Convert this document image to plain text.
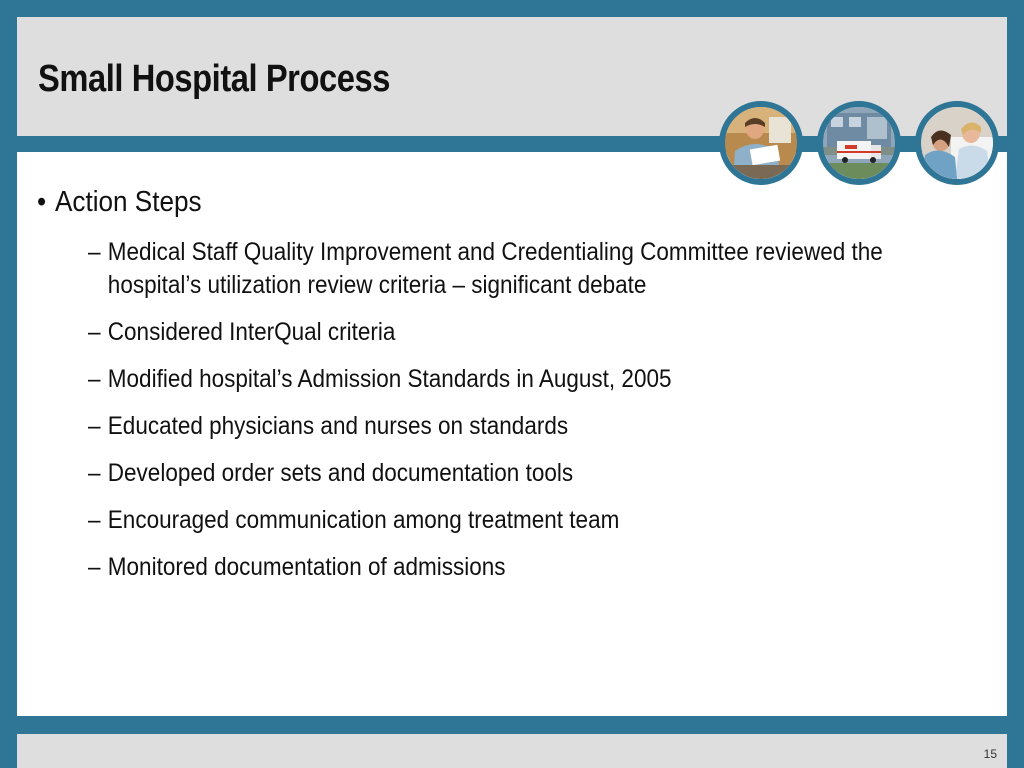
Small Hospital Process
• Action Steps
– Medical Staff Quality Improvement and Credentialing Committee reviewed the hospital’s utilization review criteria – significant debate
– Considered InterQual criteria
– Modified hospital’s Admission Standards in August, 2005
– Educated physicians and nurses on standards
– Developed order sets and documentation tools
– Encouraged communication among treatment team
– Monitored documentation of admissions
15
